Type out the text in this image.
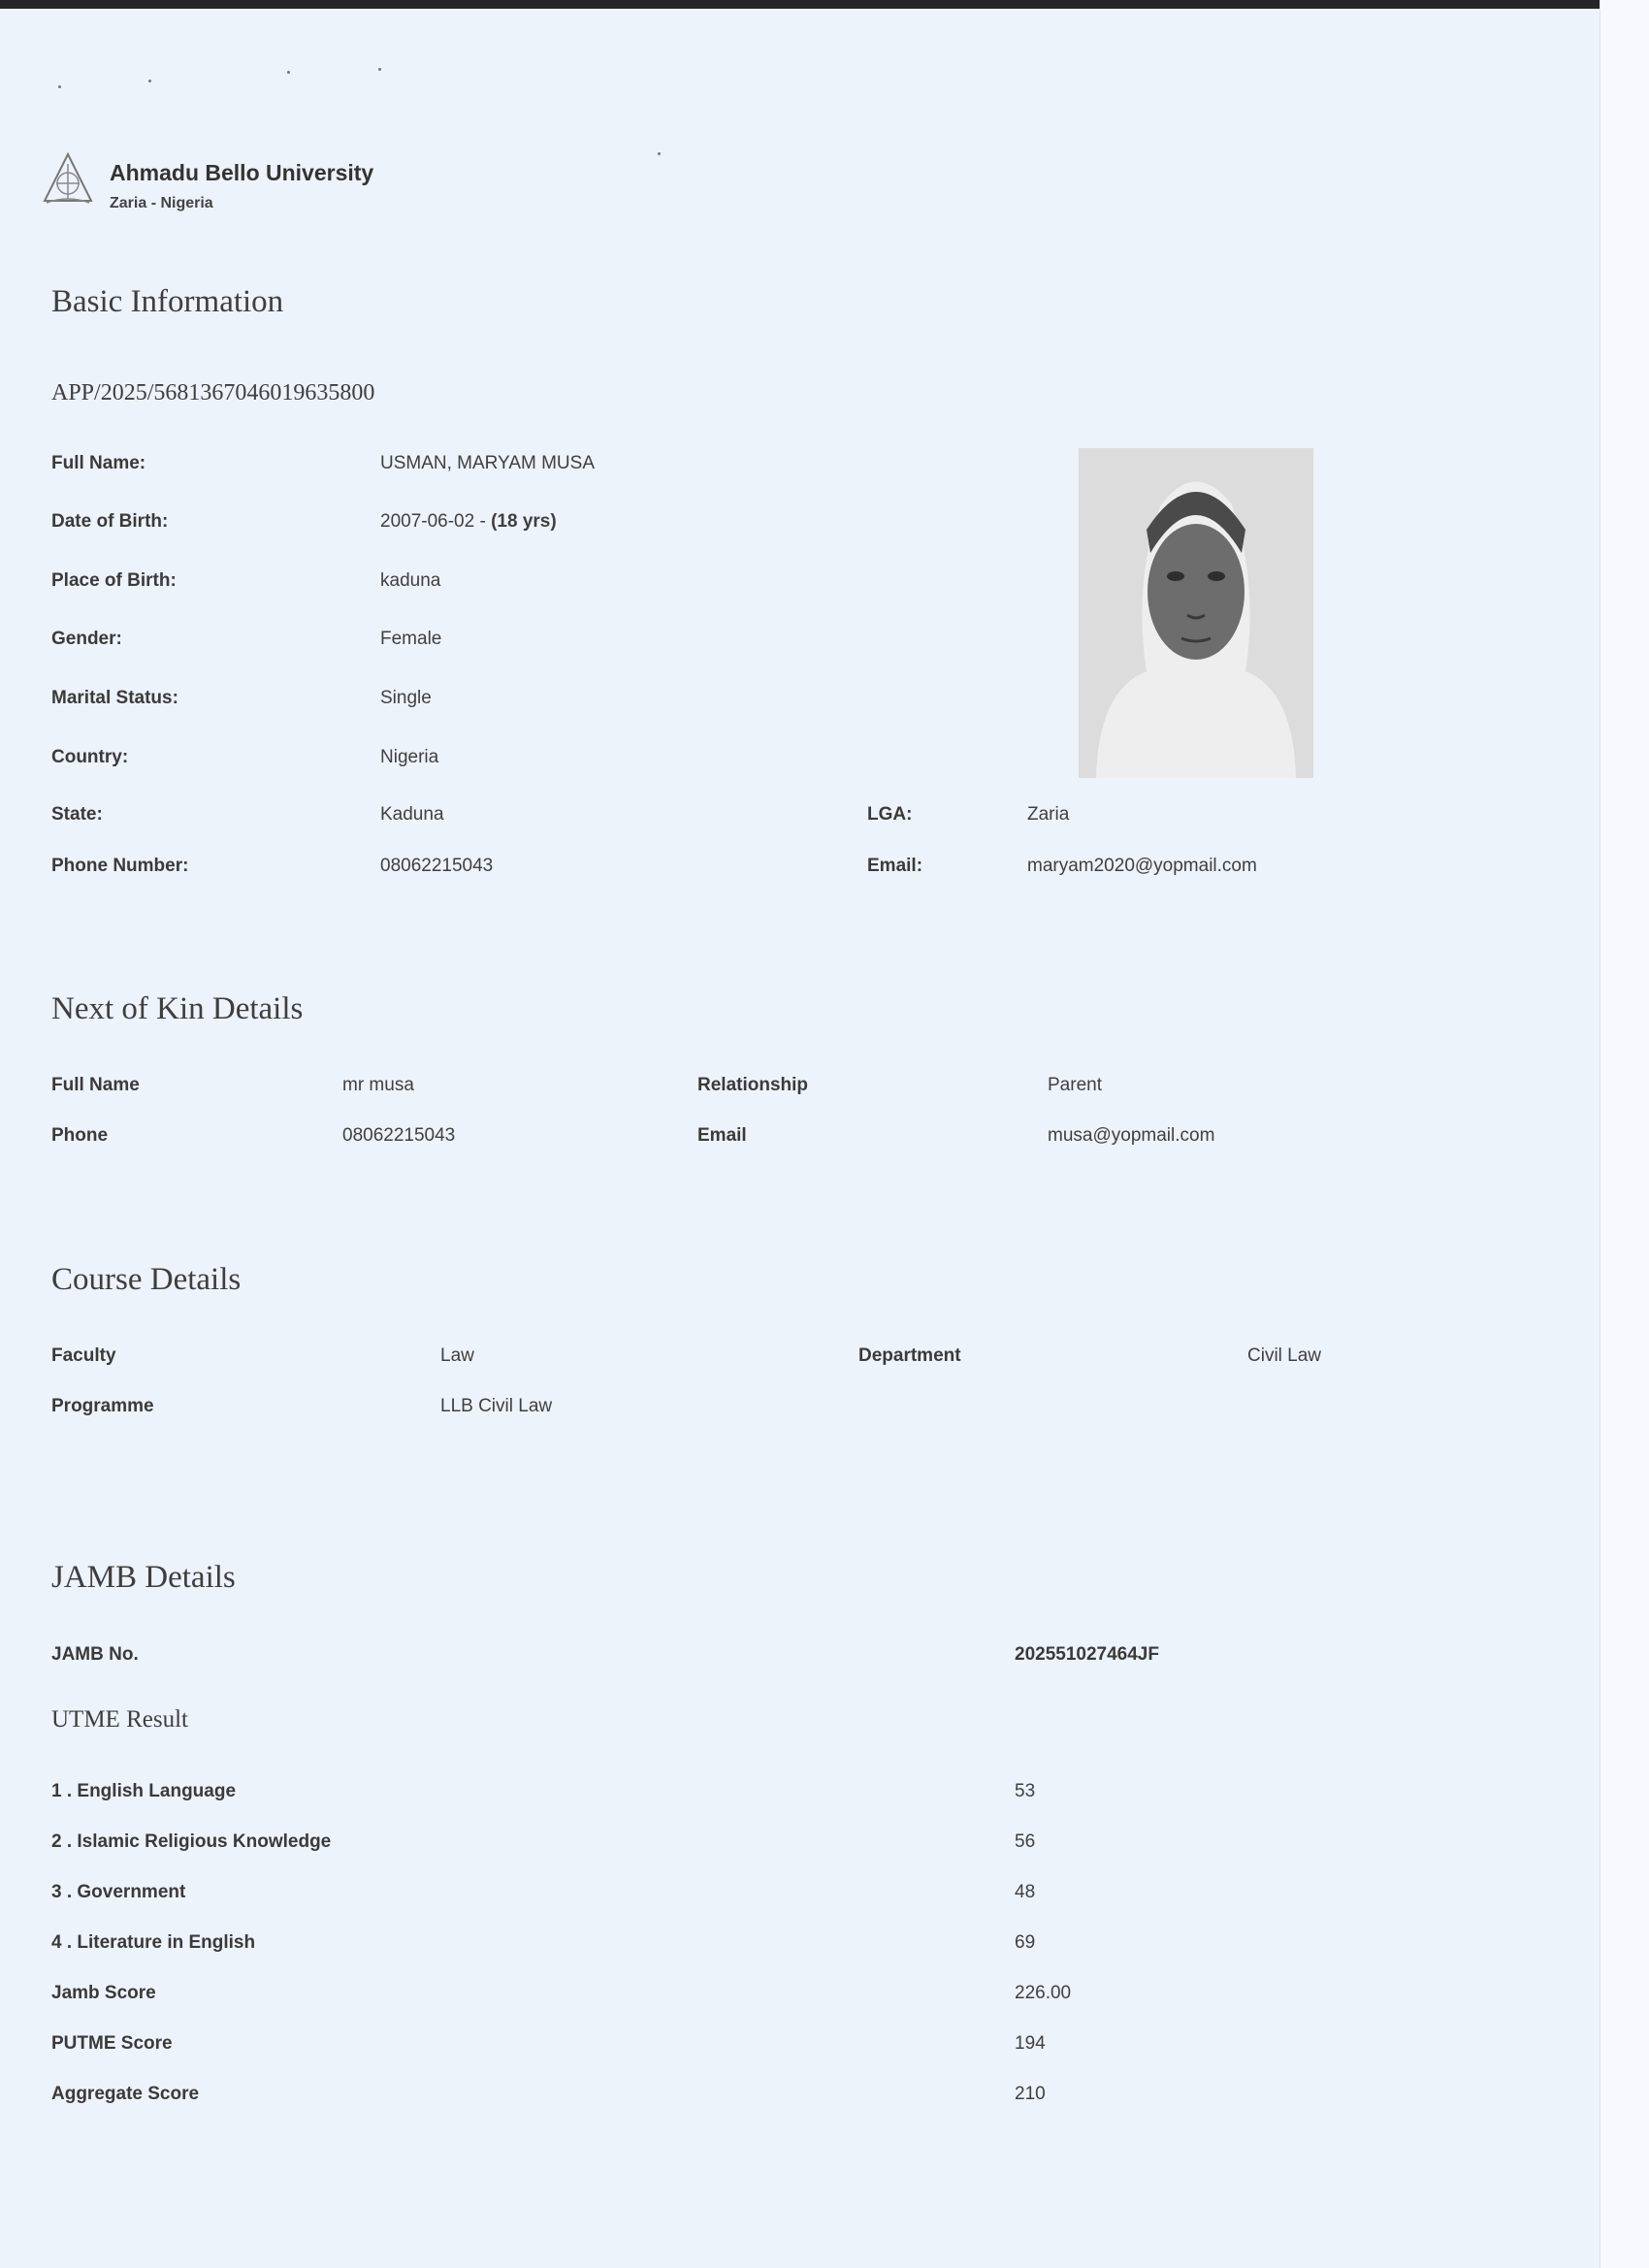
Ahmadu Bello University
Zaria - Nigeria
Basic Information
APP/2025/5681367046019635800
Full Name:	USMAN, MARYAM MUSA
Date of Birth:	2007-06-02 - (18 yrs)
Place of Birth:	kaduna
Gender:	Female
Marital Status:	Single
Country:	Nigeria
State:	Kaduna	LGA:	Zaria
Phone Number:	08062215043	Email:	maryam2020@yopmail.com
Next of Kin Details
Full Name	mr musa	Relationship	Parent
Phone	08062215043	Email	musa@yopmail.com
Course Details
Faculty	Law	Department	Civil Law
Programme	LLB Civil Law
JAMB Details
JAMB No.	202551027464JF
UTME Result
1 . English Language	53
2 . Islamic Religious Knowledge	56
3 . Government	48
4 . Literature in English	69
Jamb Score	226.00
PUTME Score	194
Aggregate Score	210
